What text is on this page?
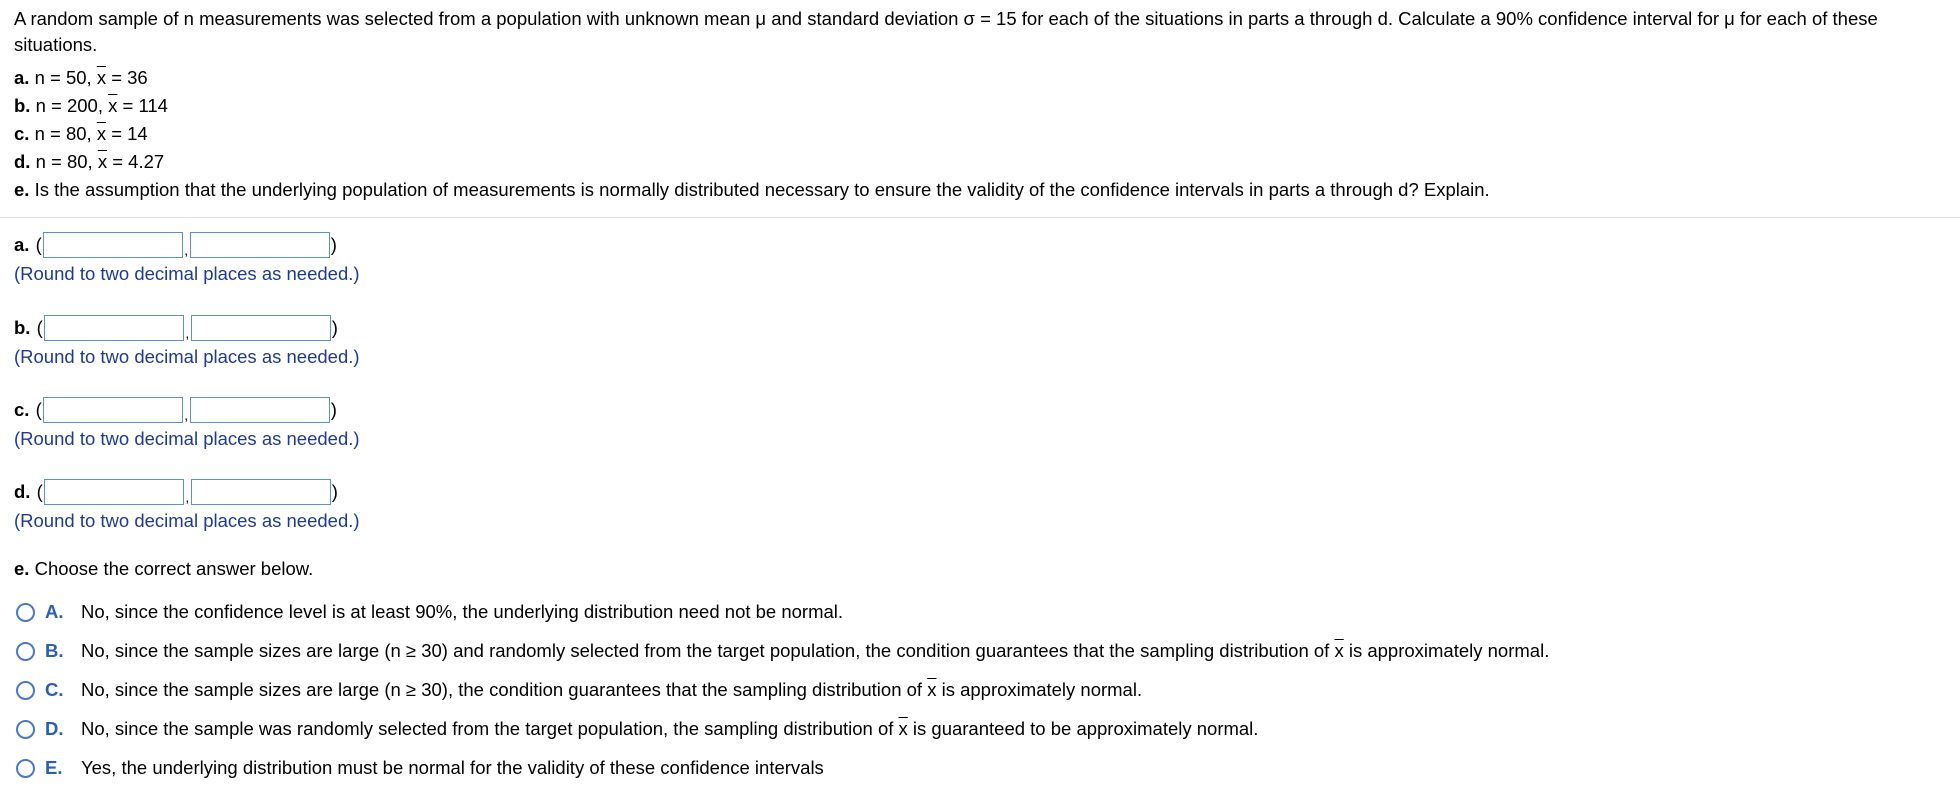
A random sample of n measurements was selected from a population with unknown mean μ and standard deviation σ = 15 for each of the situations in parts a through d. Calculate a 90% confidence interval for μ for each of these situations.

a. n = 50, $\overline{x} = 36$
b. n = 200, $\overline{x} = 114$
c. n = 80, $\overline{x} = 14$
d. n = 80, $\overline{x} = 4.27$
e. Is the assumption that the underlying population of measurements is normally distributed necessary to ensure the validity of the confidence intervals in parts a through d? Explain.
a.
(	,	)
(Round to two decimal places as needed.)
b.
(	,	)
(Round to two decimal places as needed.)
c.
(	,	)
(Round to two decimal places as needed.)
d.
(	,	)
(Round to two decimal places as needed.)
e. Choose the correct answer below.
A. No, since the confidence level is at least 90%, the underlying distribution need not be normal.
B. No, since the sample sizes are large (n ≥ 30) and randomly selected from the target population, the condition guarantees that the sampling distribution of $\overline{x}$ is approximately normal.
C. No, since the sample sizes are large (n ≥ 30), the condition guarantees that the sampling distribution of $\overline{x}$ is approximately normal.
D. No, since the sample was randomly selected from the target population, the sampling distribution of $\overline{x}$ is guaranteed to be approximately normal.
E.	Yes, the underlying distribution must be normal for the validity of these confidence intervals
